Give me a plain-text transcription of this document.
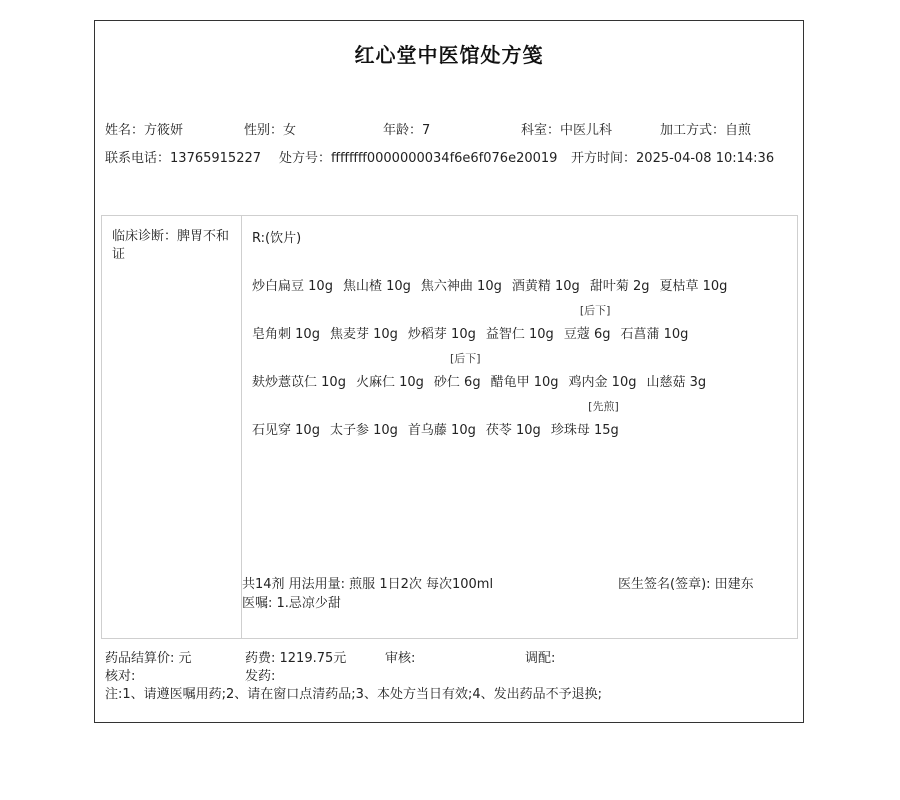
红心堂中医馆处方笺
姓名 ： 方筱妍	性别 ： 女	年龄 ： 7	科室 ： 中医儿科	加工方式 ： 自煎
联系电话 ： 13765915227 处方号 ： ffffffff0000000034f6e6f076e20019 开方时间 ： 2025-04-08 10:14:36
临床诊断 ： 脾胃不和证
R:(饮片)
炒白扁豆 10g 焦山楂 10g 焦六神曲 10g 酒黄精 10g 甜叶菊 2g 夏枯草 10g
皂角刺 10g 焦麦芽 10g 炒稻芽 10g 益智仁 10g 豆蔻 6g
[后下]
石菖蒲 10g
麸炒薏苡仁 10g 火麻仁 10g 砂仁 6g
[后下]
醋龟甲 10g 鸡内金 10g 山慈菇 3g
石见穿 10g 太子参 10g 首乌藤 10g 茯苓 10g 珍珠母 15g
[先煎]
共14剂 用法用量: 煎服 1日2次 每次100ml	医生签名(签章): 田建东
医嘱: 1.忌凉少甜
药品结算价: 元	药费: 1219.75元	审核:	调配:
核对:	发药:
注:1、请遵医嘱用药;2、请在窗口点清药品;3、本处方当日有效;4、发出药品不予退换;
